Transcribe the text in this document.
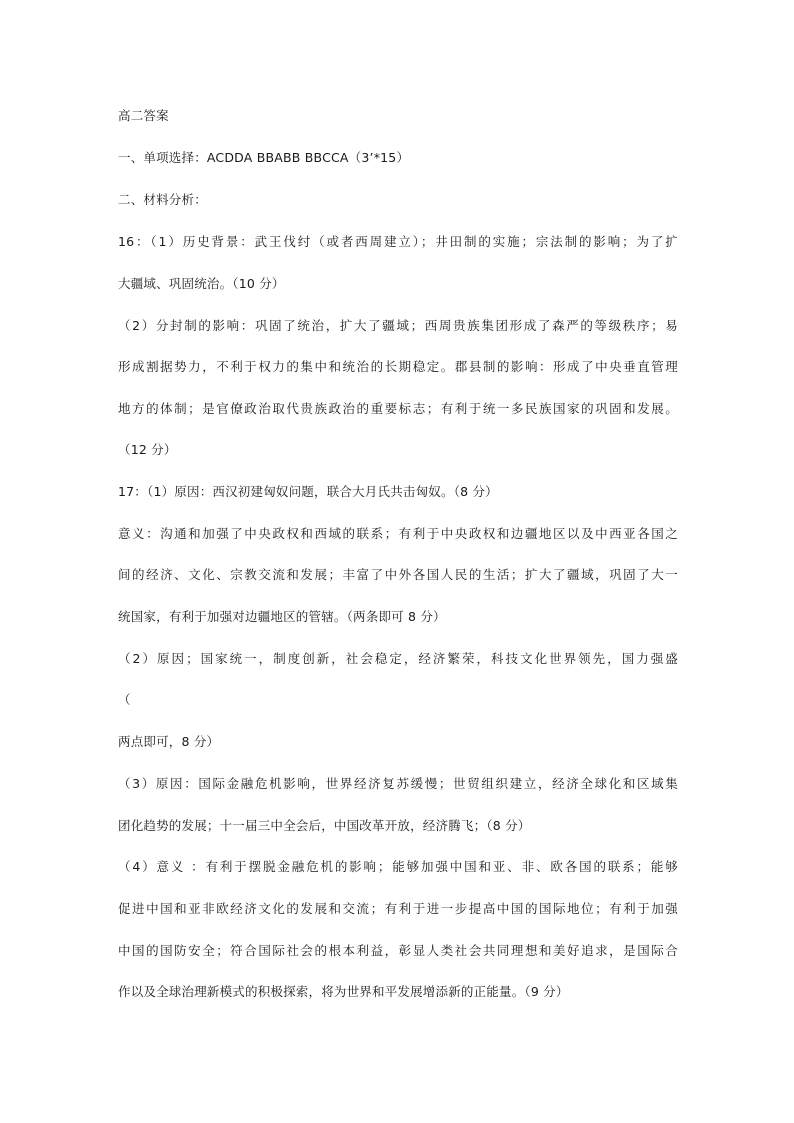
高二答案

一、单项选择：ACDDA BBABB BBCCA（3’*15）

二、材料分析：

16：（1）历史背景：武王伐纣（或者西周建立）；井田制的实施；宗法制的影响；为了扩

大疆域、巩固统治。（10 分）

（2）分封制的影响：巩固了统治，扩大了疆域；西周贵族集团形成了森严的等级秩序；易

形成割据势力，不利于权力的集中和统治的长期稳定。郡县制的影响：形成了中央垂直管理

地方的体制；是官僚政治取代贵族政治的重要标志；有利于统一多民族国家的巩固和发展。

（12 分）

17：（1）原因：西汉初建匈奴问题，联合大月氏共击匈奴。（8 分）

意义：沟通和加强了中央政权和西域的联系；有利于中央政权和边疆地区以及中西亚各国之

间的经济、文化、宗教交流和发展；丰富了中外各国人民的生活；扩大了疆域，巩固了大一

统国家，有利于加强对边疆地区的管辖。（两条即可 8 分）

（2）原因；国家统一，制度创新，社会稳定，经济繁荣，科技文化世界领先，国力强盛

（

两点即可，8 分）

（3）原因：国际金融危机影响，世界经济复苏缓慢；世贸组织建立，经济全球化和区域集

团化趋势的发展；十一届三中全会后，中国改革开放，经济腾飞；（8 分）

（4）意义 ：有利于摆脱金融危机的影响；能够加强中国和亚、非、欧各国的联系；能够

促进中国和亚非欧经济文化的发展和交流；有利于进一步提高中国的国际地位；有利于加强

中国的国防安全；符合国际社会的根本利益，彰显人类社会共同理想和美好追求，是国际合

作以及全球治理新模式的积极探索，将为世界和平发展增添新的正能量。（9 分）
